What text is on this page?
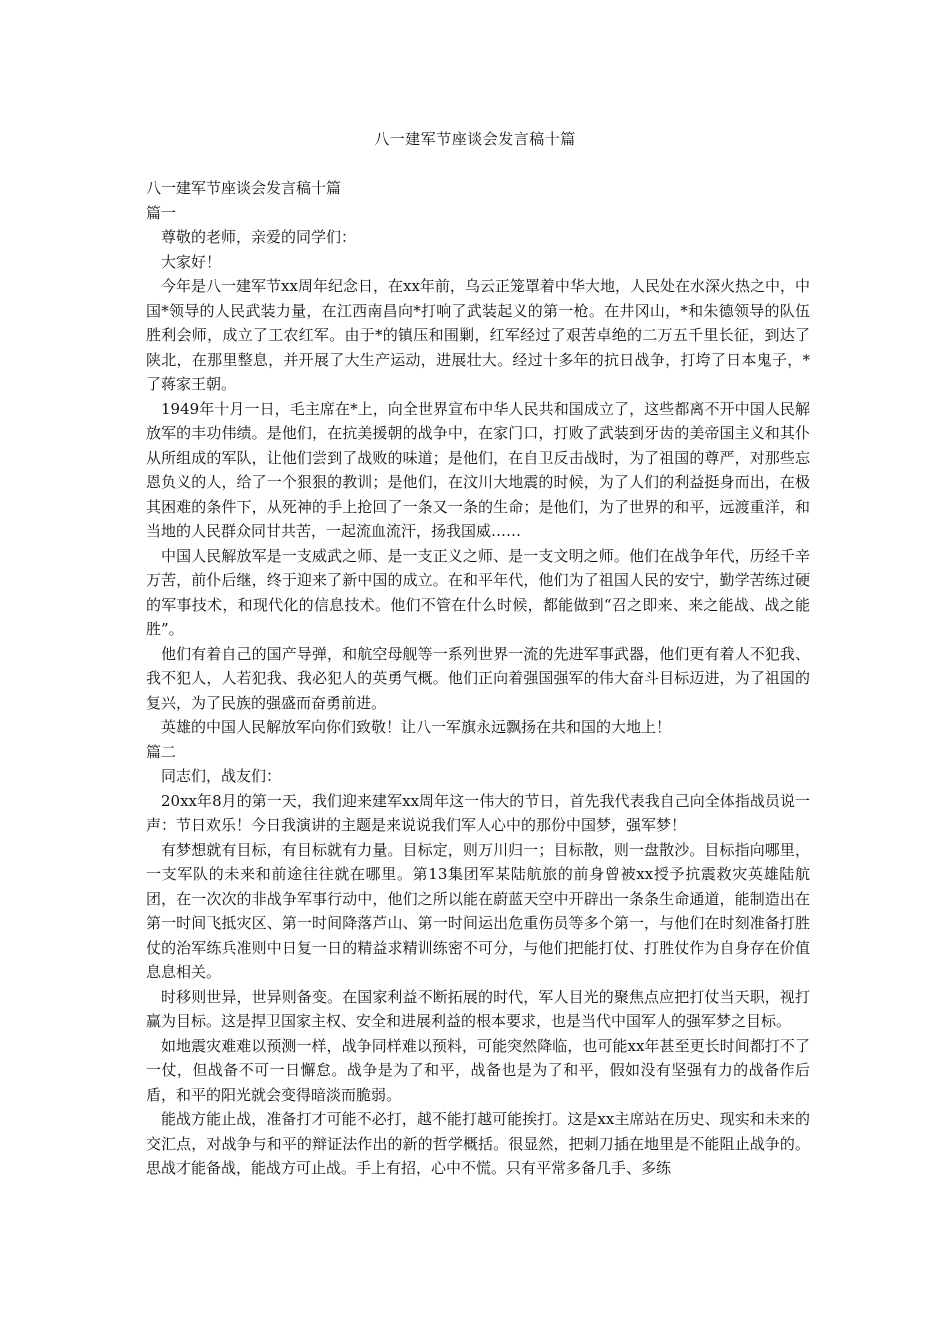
八一建军节座谈会发言稿十篇

八一建军节座谈会发言稿十篇

篇一

尊敬的老师，亲爱的同学们：

大家好！

今年是八一建军节xx周年纪念日，在xx年前，乌云正笼罩着中华大地，人民处在水深火热之中，中国*领导的人民武装力量，在江西南昌向*打响了武装起义的第一枪。在井冈山，*和朱德领导的队伍胜利会师，成立了工农红军。由于*的镇压和围剿，红军经过了艰苦卓绝的二万五千里长征，到达了陕北，在那里整息，并开展了大生产运动，进展壮大。经过十多年的抗日战争，打垮了日本鬼子，*了蒋家王朝。

1949年十月一日，毛主席在*上，向全世界宣布中华人民共和国成立了，这些都离不开中国人民解放军的丰功伟绩。是他们，在抗美援朝的战争中，在家门口，打败了武装到牙齿的美帝国主义和其仆从所组成的军队，让他们尝到了战败的味道；是他们，在自卫反击战时，为了祖国的尊严，对那些忘恩负义的人，给了一个狠狠的教训；是他们，在汶川大地震的时候，为了人们的利益挺身而出，在极其困难的条件下，从死神的手上抢回了一条又一条的生命；是他们，为了世界的和平，远渡重洋，和当地的人民群众同甘共苦，一起流血流汗，扬我国威……

中国人民解放军是一支威武之师、是一支正义之师、是一支文明之师。他们在战争年代，历经千辛万苦，前仆后继，终于迎来了新中国的成立。在和平年代，他们为了祖国人民的安宁，勤学苦练过硬的军事技术，和现代化的信息技术。他们不管在什么时候，都能做到“召之即来、来之能战、战之能胜”。

他们有着自己的国产导弹，和航空母舰等一系列世界一流的先进军事武器，他们更有着人不犯我、我不犯人，人若犯我、我必犯人的英勇气概。他们正向着强国强军的伟大奋斗目标迈进，为了祖国的复兴，为了民族的强盛而奋勇前进。

英雄的中国人民解放军向你们致敬！让八一军旗永远飘扬在共和国的大地上！

篇二

同志们，战友们：

20xx年8月的第一天，我们迎来建军xx周年这一伟大的节日，首先我代表我自己向全体指战员说一声：节日欢乐！今日我演讲的主题是来说说我们军人心中的那份中国梦，强军梦！

有梦想就有目标，有目标就有力量。目标定，则万川归一；目标散，则一盘散沙。目标指向哪里，一支军队的未来和前途往往就在哪里。第13集团军某陆航旅的前身曾被xx授予抗震救灾英雄陆航团，在一次次的非战争军事行动中，他们之所以能在蔚蓝天空中开辟出一条条生命通道，能制造出在第一时间飞抵灾区、第一时间降落芦山、第一时间运出危重伤员等多个第一，与他们在时刻准备打胜仗的治军练兵准则中日复一日的精益求精训练密不可分，与他们把能打仗、打胜仗作为自身存在价值息息相关。

时移则世异，世异则备变。在国家利益不断拓展的时代，军人目光的聚焦点应把打仗当天职，视打赢为目标。这是捍卫国家主权、安全和进展利益的根本要求，也是当代中国军人的强军梦之目标。

如地震灾难难以预测一样，战争同样难以预料，可能突然降临，也可能xx年甚至更长时间都打不了一仗，但战备不可一日懈怠。战争是为了和平，战备也是为了和平，假如没有坚强有力的战备作后盾，和平的阳光就会变得暗淡而脆弱。

能战方能止战，准备打才可能不必打，越不能打越可能挨打。这是xx主席站在历史、现实和未来的交汇点，对战争与和平的辩证法作出的新的哲学概括。很显然，把刺刀插在地里是不能阻止战争的。思战才能备战，能战方可止战。手上有招，心中不慌。只有平常多备几手、多练
